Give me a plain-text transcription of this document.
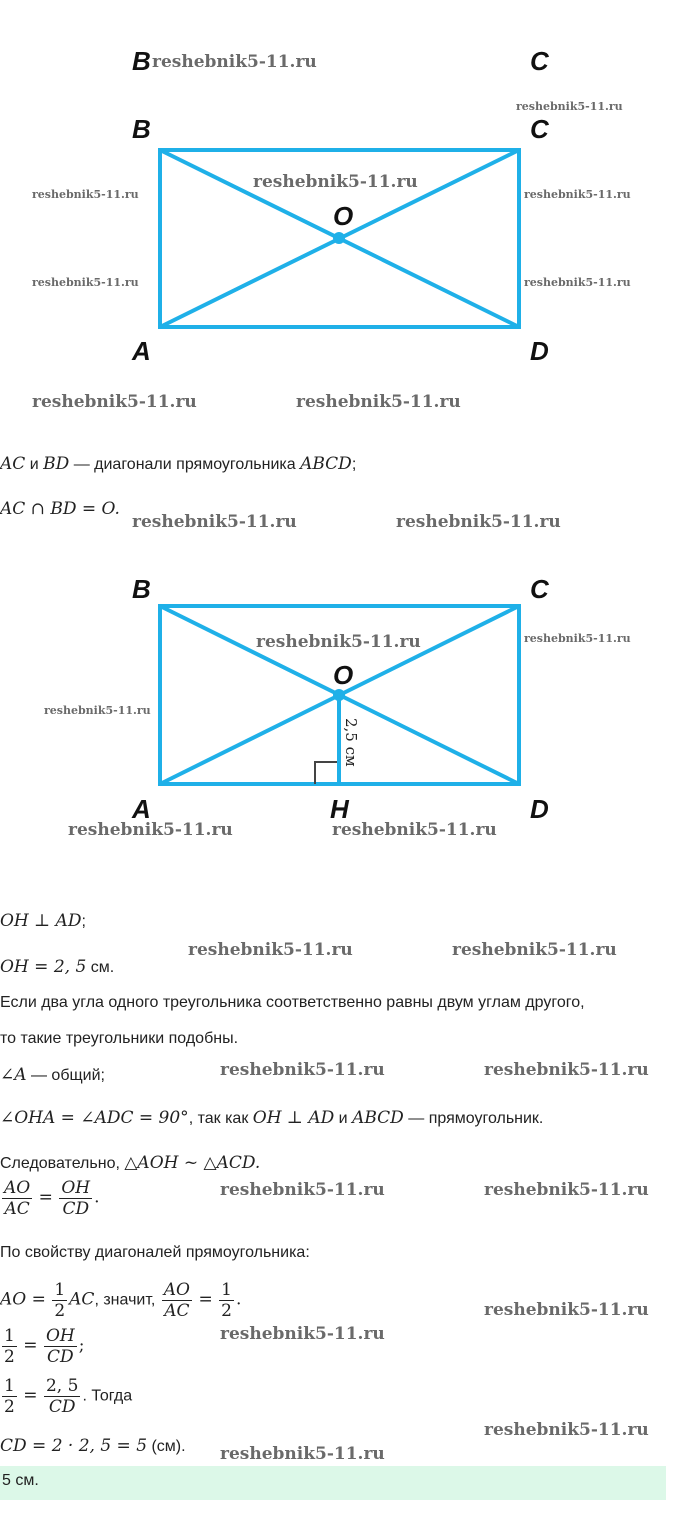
B	C
B	C
O
A	D
reshebnik5-11.ru
reshebnik5-11.ru
reshebnik5-11.ru
reshebnik5-11.ru	reshebnik5-11.ru
reshebnik5-11.ru	reshebnik5-11.ru
reshebnik5-11.ru	reshebnik5-11.ru
AC и BD — диагонали прямоугольника ABCD;
AC ∩ BD = O.
reshebnik5-11.ru	reshebnik5-11.ru
B	C
O
2,5 см
A	H	D
reshebnik5-11.ru	reshebnik5-11.ru
reshebnik5-11.ru
reshebnik5-11.ru	reshebnik5-11.ru
OH ⊥ AD;
reshebnik5-11.ru	reshebnik5-11.ru
OH = 2, 5 см.
Если два угла одного треугольника соответственно равны двум углам другого,
то такие треугольники подобны.
∠A — общий;	reshebnik5-11.ru	reshebnik5-11.ru
∠OHA = ∠ADC = 90°, так как OH ⊥ AD и ABCD — прямоугольник.
Следовательно, △AOH ~ △ACD.
$\frac{AO}{AC} = \frac{OH}{CD}$ .	reshebnik5-11.ru	reshebnik5-11.ru
По свойству диагоналей прямоугольника:
AO = $\frac{1}{2}$ AC, значит, $\frac{AO}{AC} = \frac{1}{2}$ .
reshebnik5-11.ru
$\frac{1}{2} = \frac{OH}{CD}$ ;
reshebnik5-11.ru
$\frac{1}{2} = \frac{2, 5}{CD}$ . Тогда
reshebnik5-11.ru
CD = 2 · 2, 5 = 5 (см). reshebnik5-11.ru
5 см.
